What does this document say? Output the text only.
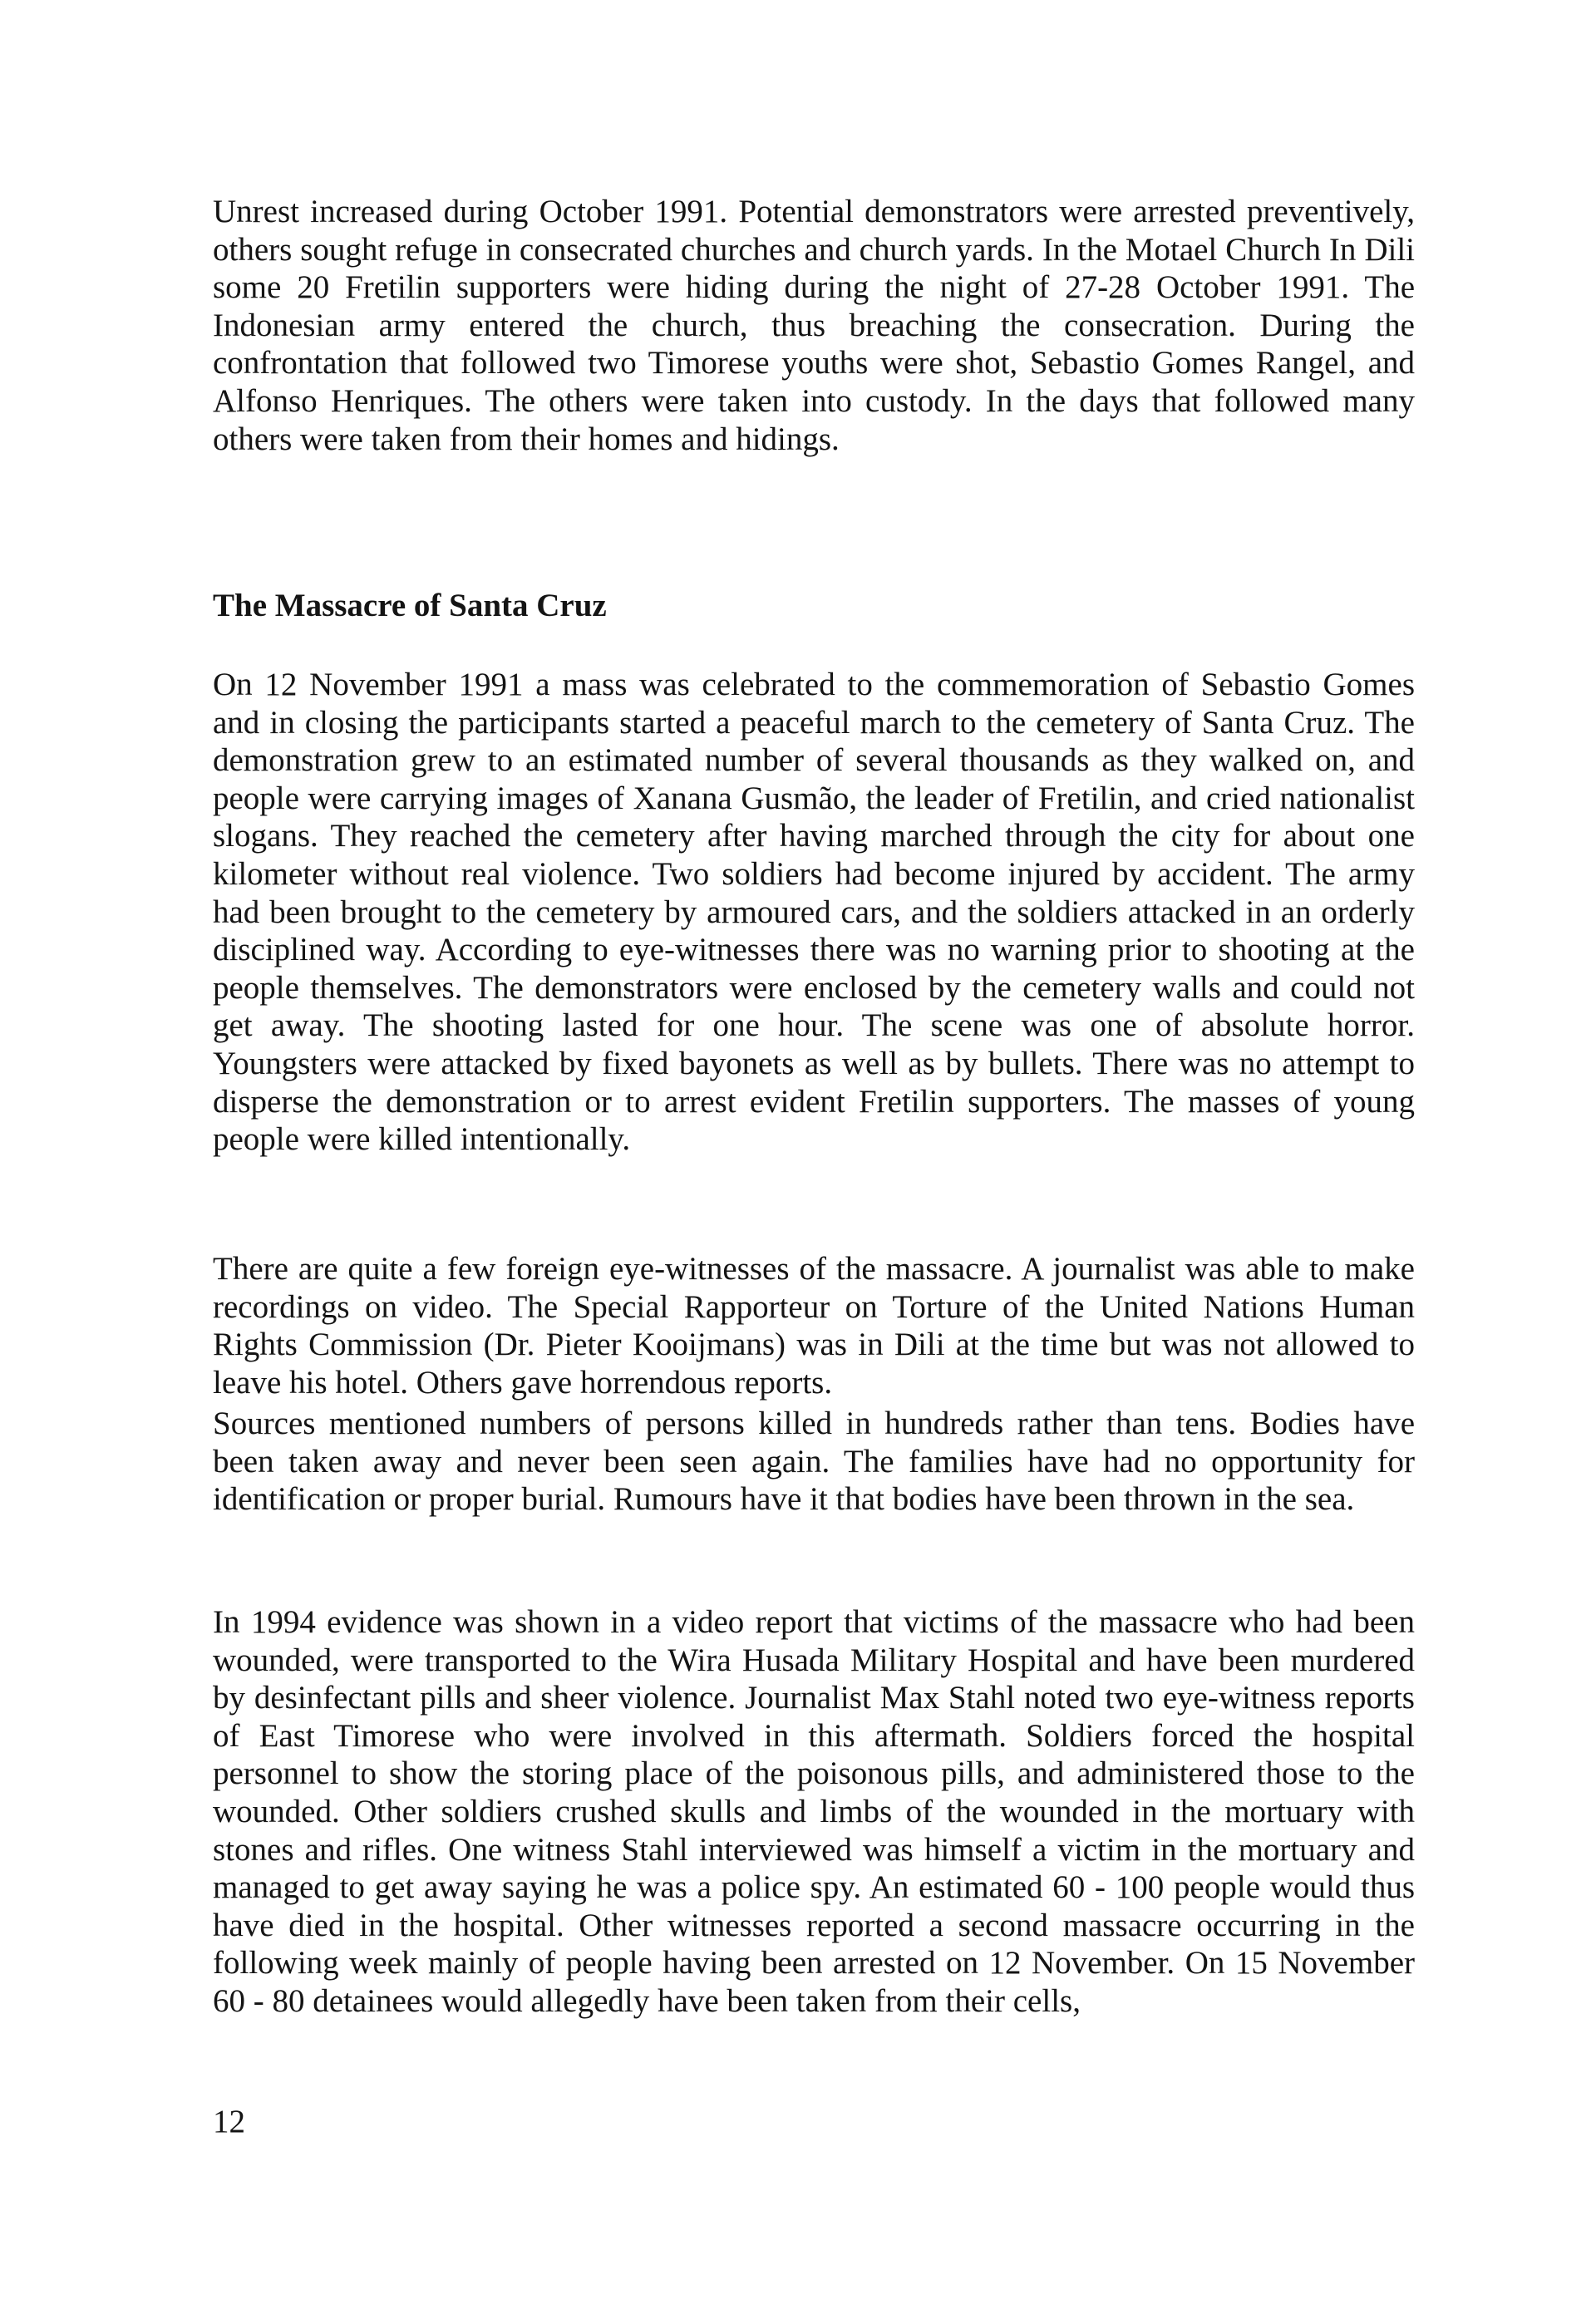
Unrest increased during October 1991. Potential demonstrators were arrested preventively, others sought refuge in consecrated churches and church yards. In the Motael Church In Dili some 20 Fretilin supporters were hiding during the night of 27-28 October 1991. The Indonesian army entered the church, thus breaching the consecration. During the confrontation that followed two Timorese youths were shot, Sebastio Gomes Rangel, and Alfonso Henriques. The others were taken into custody. In the days that followed many others were taken from their homes and hidings.

The Massacre of Santa Cruz

On 12 November 1991 a mass was celebrated to the commemoration of Sebastio Gomes and in closing the participants started a peaceful march to the cemetery of Santa Cruz. The demonstration grew to an estimated number of several thousands as they walked on, and people were carrying images of Xanana Gusmão, the leader of Fretilin, and cried nationalist slogans. They reached the cemetery after having marched through the city for about one kilometer without real violence. Two soldiers had become injured by accident. The army had been brought to the cemetery by armoured cars, and the soldiers attacked in an orderly disciplined way. According to eye-witnesses there was no warning prior to shooting at the people themselves. The demonstrators were enclosed by the cemetery walls and could not get away. The shooting lasted for one hour. The scene was one of absolute horror. Youngsters were attacked by fixed bayonets as well as by bullets. There was no attempt to disperse the demonstration or to arrest evident Fretilin supporters. The masses of young people were killed intentionally.

There are quite a few foreign eye-witnesses of the massacre. A journalist was able to make recordings on video. The Special Rapporteur on Torture of the United Nations Human Rights Commission (Dr. Pieter Kooijmans) was in Dili at the time but was not allowed to leave his hotel. Others gave horrendous reports.

Sources mentioned numbers of persons killed in hundreds rather than tens. Bodies have been taken away and never been seen again. The families have had no opportunity for identification or proper burial. Rumours have it that bodies have been thrown in the sea.

In 1994 evidence was shown in a video report that victims of the massacre who had been wounded, were transported to the Wira Husada Military Hospital and have been murdered by desinfectant pills and sheer violence. Journalist Max Stahl noted two eye-witness reports of East Timorese who were involved in this aftermath. Soldiers forced the hospital personnel to show the storing place of the poisonous pills, and administered those to the wounded. Other soldiers crushed skulls and limbs of the wounded in the mortuary with stones and rifles. One witness Stahl interviewed was himself a victim in the mortuary and managed to get away saying he was a police spy. An estimated 60 - 100 people would thus have died in the hospital. Other witnesses reported a second massacre occurring in the following week mainly of people having been arrested on 12 November. On 15 November 60 - 80 detainees would allegedly have been taken from their cells,

12
